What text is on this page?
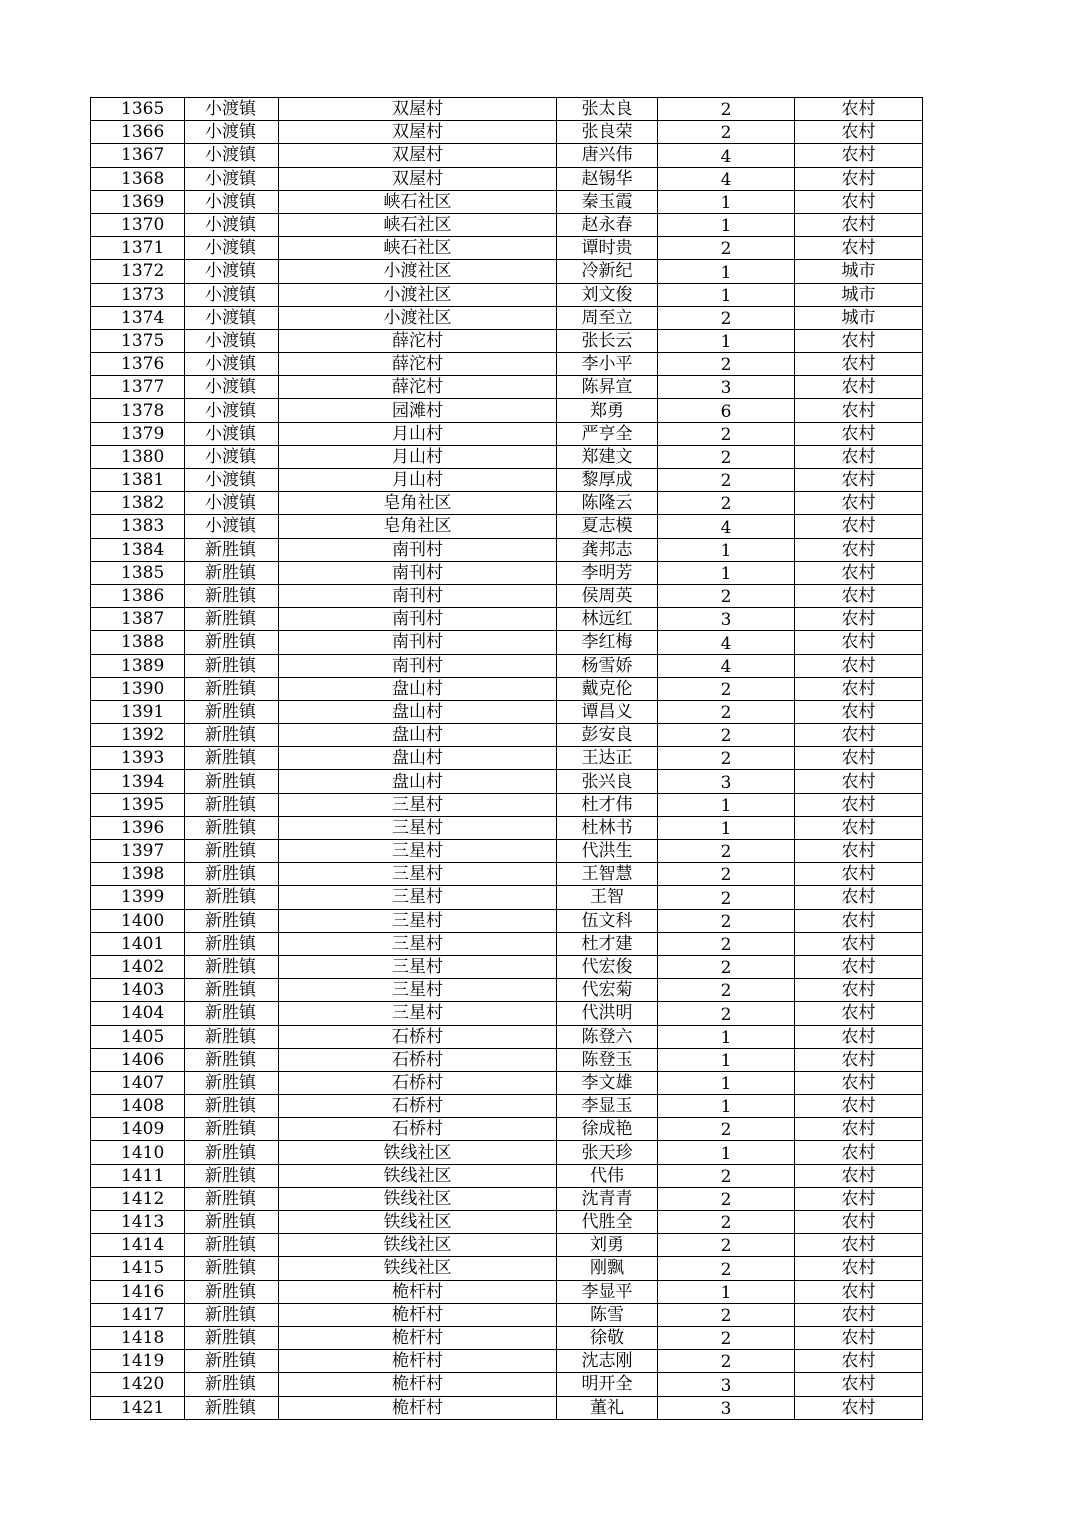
1365	小渡镇	双屋村	张太良	2	农村
1366	小渡镇	双屋村	张良荣	2	农村
1367	小渡镇	双屋村	唐兴伟	4	农村
1368	小渡镇	双屋村	赵锡华	4	农村
1369	小渡镇	峡石社区	秦玉霞	1	农村
1370	小渡镇	峡石社区	赵永春	1	农村
1371	小渡镇	峡石社区	谭时贵	2	农村
1372	小渡镇	小渡社区	冷新纪	1	城市
1373	小渡镇	小渡社区	刘文俊	1	城市
1374	小渡镇	小渡社区	周至立	2	城市
1375	小渡镇	薛沱村	张长云	1	农村
1376	小渡镇	薛沱村	李小平	2	农村
1377	小渡镇	薛沱村	陈昇宣	3	农村
1378	小渡镇	园滩村	郑勇	6	农村
1379	小渡镇	月山村	严亨全	2	农村
1380	小渡镇	月山村	郑建文	2	农村
1381	小渡镇	月山村	黎厚成	2	农村
1382	小渡镇	皂角社区	陈隆云	2	农村
1383	小渡镇	皂角社区	夏志模	4	农村
1384	新胜镇	南刊村	龚邦志	1	农村
1385	新胜镇	南刊村	李明芳	1	农村
1386	新胜镇	南刊村	侯周英	2	农村
1387	新胜镇	南刊村	林远红	3	农村
1388	新胜镇	南刊村	李红梅	4	农村
1389	新胜镇	南刊村	杨雪娇	4	农村
1390	新胜镇	盘山村	戴克伦	2	农村
1391	新胜镇	盘山村	谭昌义	2	农村
1392	新胜镇	盘山村	彭安良	2	农村
1393	新胜镇	盘山村	王达正	2	农村
1394	新胜镇	盘山村	张兴良	3	农村
1395	新胜镇	三星村	杜才伟	1	农村
1396	新胜镇	三星村	杜林书	1	农村
1397	新胜镇	三星村	代洪生	2	农村
1398	新胜镇	三星村	王智慧	2	农村
1399	新胜镇	三星村	王智	2	农村
1400	新胜镇	三星村	伍文科	2	农村
1401	新胜镇	三星村	杜才建	2	农村
1402	新胜镇	三星村	代宏俊	2	农村
1403	新胜镇	三星村	代宏菊	2	农村
1404	新胜镇	三星村	代洪明	2	农村
1405	新胜镇	石桥村	陈登六	1	农村
1406	新胜镇	石桥村	陈登玉	1	农村
1407	新胜镇	石桥村	李文雄	1	农村
1408	新胜镇	石桥村	李显玉	1	农村
1409	新胜镇	石桥村	徐成艳	2	农村
1410	新胜镇	铁线社区	张天珍	1	农村
1411	新胜镇	铁线社区	代伟	2	农村
1412	新胜镇	铁线社区	沈青青	2	农村
1413	新胜镇	铁线社区	代胜全	2	农村
1414	新胜镇	铁线社区	刘勇	2	农村
1415	新胜镇	铁线社区	刚飘	2	农村
1416	新胜镇	桅杆村	李显平	1	农村
1417	新胜镇	桅杆村	陈雪	2	农村
1418	新胜镇	桅杆村	徐敬	2	农村
1419	新胜镇	桅杆村	沈志刚	2	农村
1420	新胜镇	桅杆村	明开全	3	农村
1421	新胜镇	桅杆村	董礼	3	农村
